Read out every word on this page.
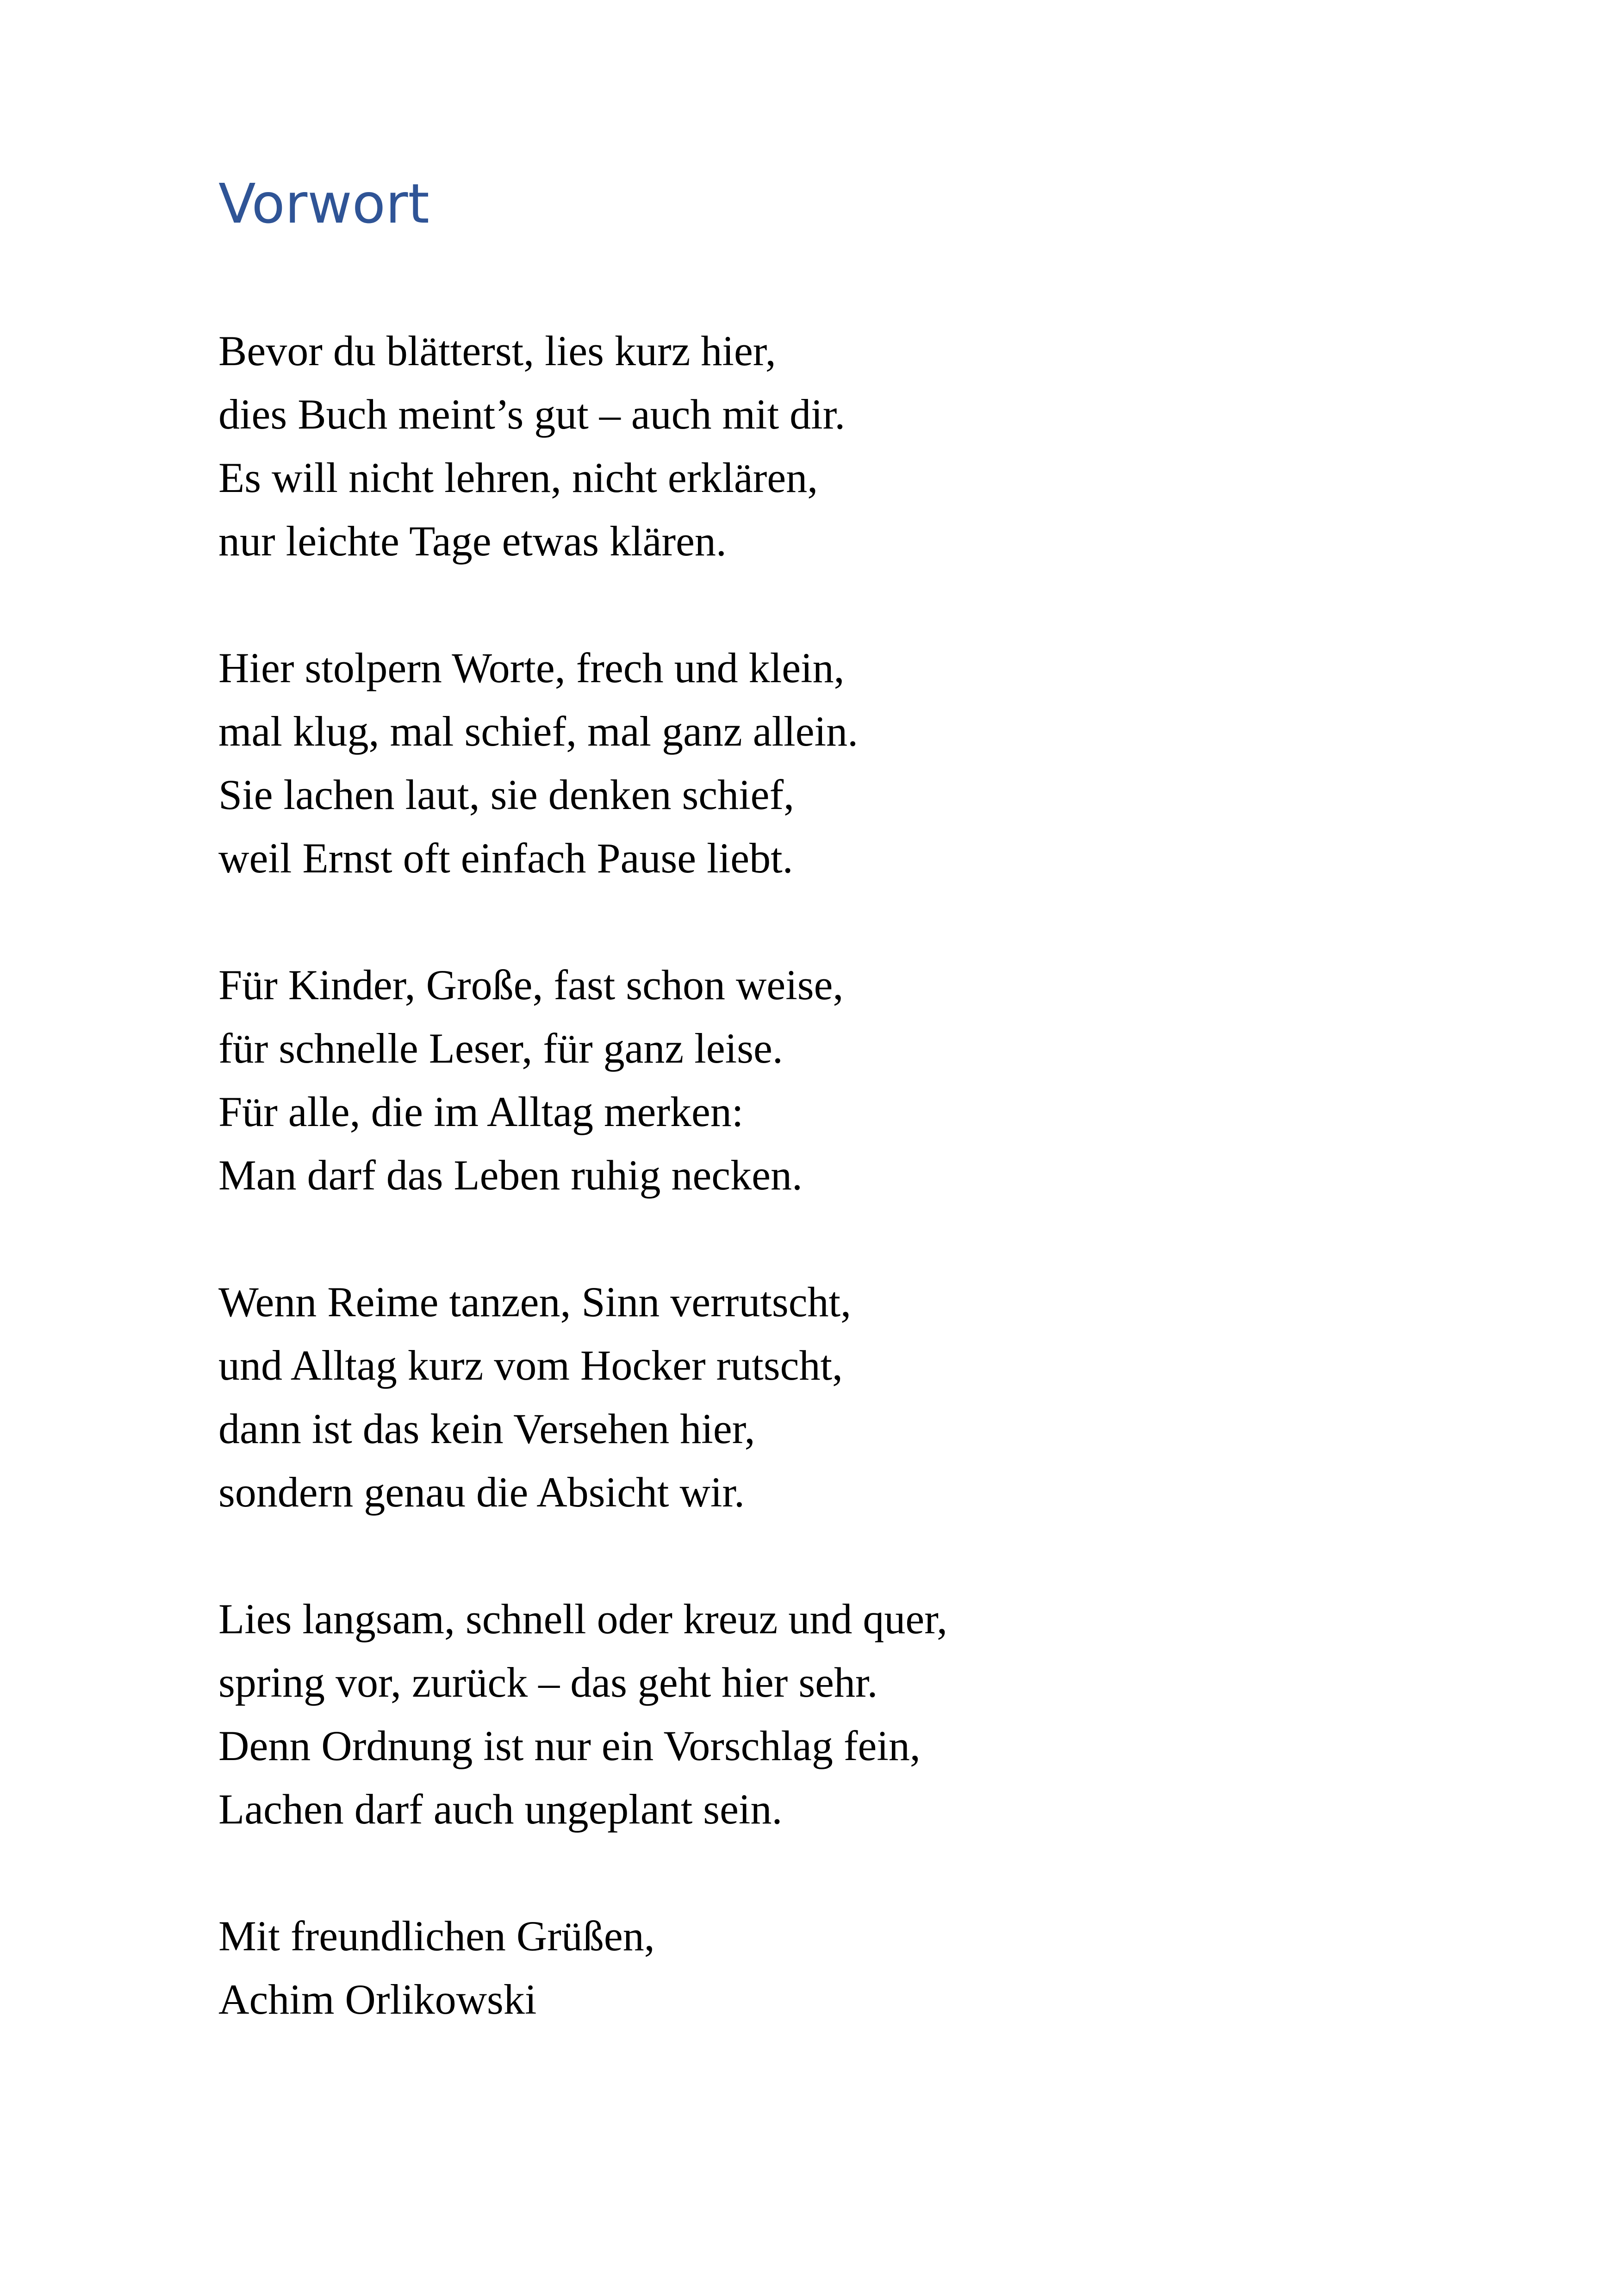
Vorwort

Bevor du blätterst, lies kurz hier,
dies Buch meint’s gut – auch mit dir.
Es will nicht lehren, nicht erklären,
nur leichte Tage etwas klären.

Hier stolpern Worte, frech und klein,
mal klug, mal schief, mal ganz allein.
Sie lachen laut, sie denken schief,
weil Ernst oft einfach Pause liebt.

Für Kinder, Große, fast schon weise,
für schnelle Leser, für ganz leise.
Für alle, die im Alltag merken:
Man darf das Leben ruhig necken.

Wenn Reime tanzen, Sinn verrutscht,
und Alltag kurz vom Hocker rutscht,
dann ist das kein Versehen hier,
sondern genau die Absicht wir.

Lies langsam, schnell oder kreuz und quer,
spring vor, zurück – das geht hier sehr.
Denn Ordnung ist nur ein Vorschlag fein,
Lachen darf auch ungeplant sein.

Mit freundlichen Grüßen,
Achim Orlikowski
